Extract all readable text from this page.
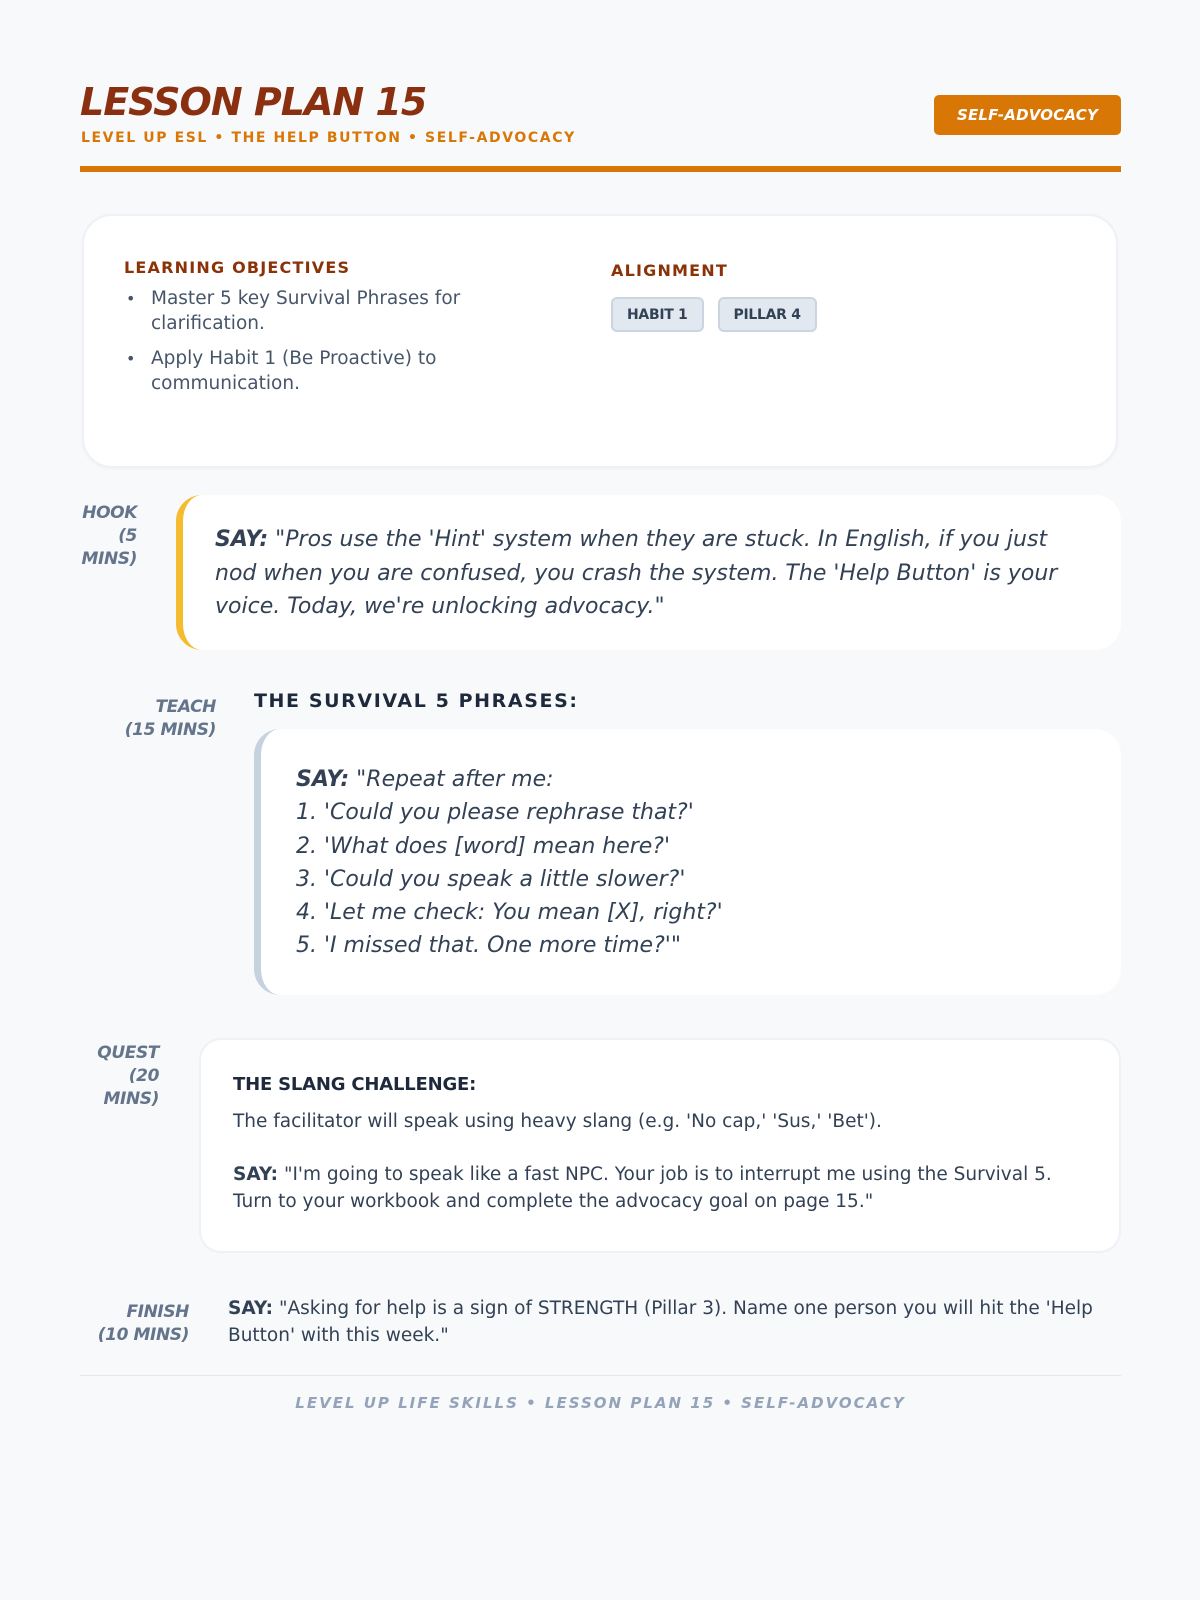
LESSON PLAN 15
LEVEL UP ESL • THE HELP BUTTON • SELF-ADVOCACY
SELF-ADVOCACY
LEARNING OBJECTIVES
• Master 5 key Survival Phrases for clarification.
• Apply Habit 1 (Be Proactive) to communication.
ALIGNMENT
HABIT 1	PILLAR 4
HOOK
(5
MINS)

SAY: "Pros use the 'Hint' system when they are stuck. In English, if you just nod when you are confused, you crash the system. The 'Help Button' is your voice. Today, we're unlocking advocacy."

TEACH
(15 MINS)
THE SURVIVAL 5 PHRASES:
SAY: "Repeat after me:
1. 'Could you please rephrase that?'
2. 'What does [word] mean here?'
3. 'Could you speak a little slower?'
4. 'Let me check: You mean [X], right?'
5. 'I missed that. One more time?'"
QUEST
(20
MINS)
THE SLANG CHALLENGE:

The facilitator will speak using heavy slang (e.g. 'No cap,' 'Sus,' 'Bet').

SAY: "I'm going to speak like a fast NPC. Your job is to interrupt me using the Survival 5. Turn to your workbook and complete the advocacy goal on page 15."

FINISH
(10 MINS)

SAY: "Asking for help is a sign of STRENGTH (Pillar 3). Name one person you will hit the 'Help Button' with this week."

LEVEL UP LIFE SKILLS • LESSON PLAN 15 • SELF-ADVOCACY
